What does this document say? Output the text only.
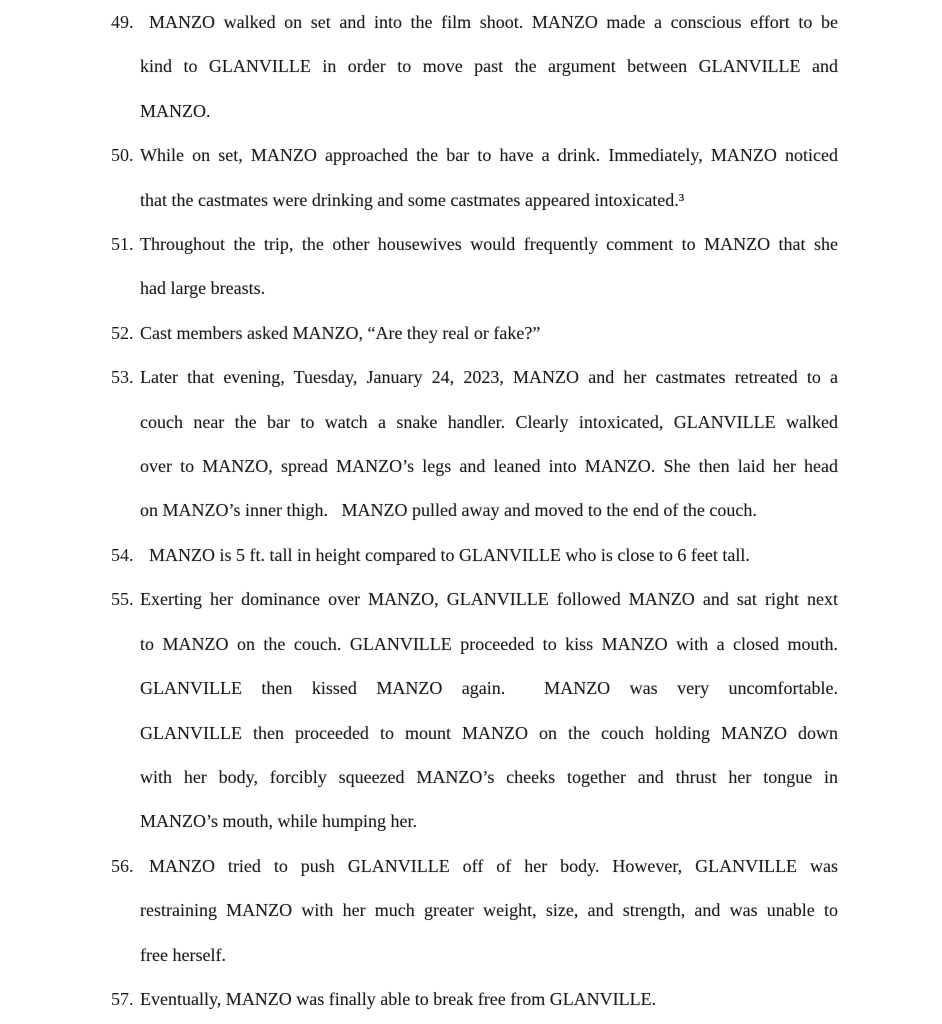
49. MANZO walked on set and into the film shoot. MANZO made a conscious effort to be
kind to GLANVILLE in order to move past the argument between GLANVILLE and
MANZO.
50. While on set, MANZO approached the bar to have a drink. Immediately, MANZO noticed
that the castmates were drinking and some castmates appeared intoxicated.³
51. Throughout the trip, the other housewives would frequently comment to MANZO that she
had large breasts.
52. Cast members asked MANZO, “Are they real or fake?”
53. Later that evening, Tuesday, January 24, 2023, MANZO and her castmates retreated to a
couch near the bar to watch a snake handler. Clearly intoxicated, GLANVILLE walked
over to MANZO, spread MANZO’s legs and leaned into MANZO. She then laid her head
on MANZO’s inner thigh.   MANZO pulled away and moved to the end of the couch.
54. MANZO is 5 ft. tall in height compared to GLANVILLE who is close to 6 feet tall.
55. Exerting her dominance over MANZO, GLANVILLE followed MANZO and sat right next
to MANZO on the couch. GLANVILLE proceeded to kiss MANZO with a closed mouth.
GLANVILLE then kissed MANZO again.  MANZO was very uncomfortable.
GLANVILLE then proceeded to mount MANZO on the couch holding MANZO down
with her body, forcibly squeezed MANZO’s cheeks together and thrust her tongue in
MANZO’s mouth, while humping her.
56. MANZO tried to push GLANVILLE off of her body. However, GLANVILLE was
restraining MANZO with her much greater weight, size, and strength, and was unable to
free herself.
57. Eventually, MANZO was finally able to break free from GLANVILLE.
